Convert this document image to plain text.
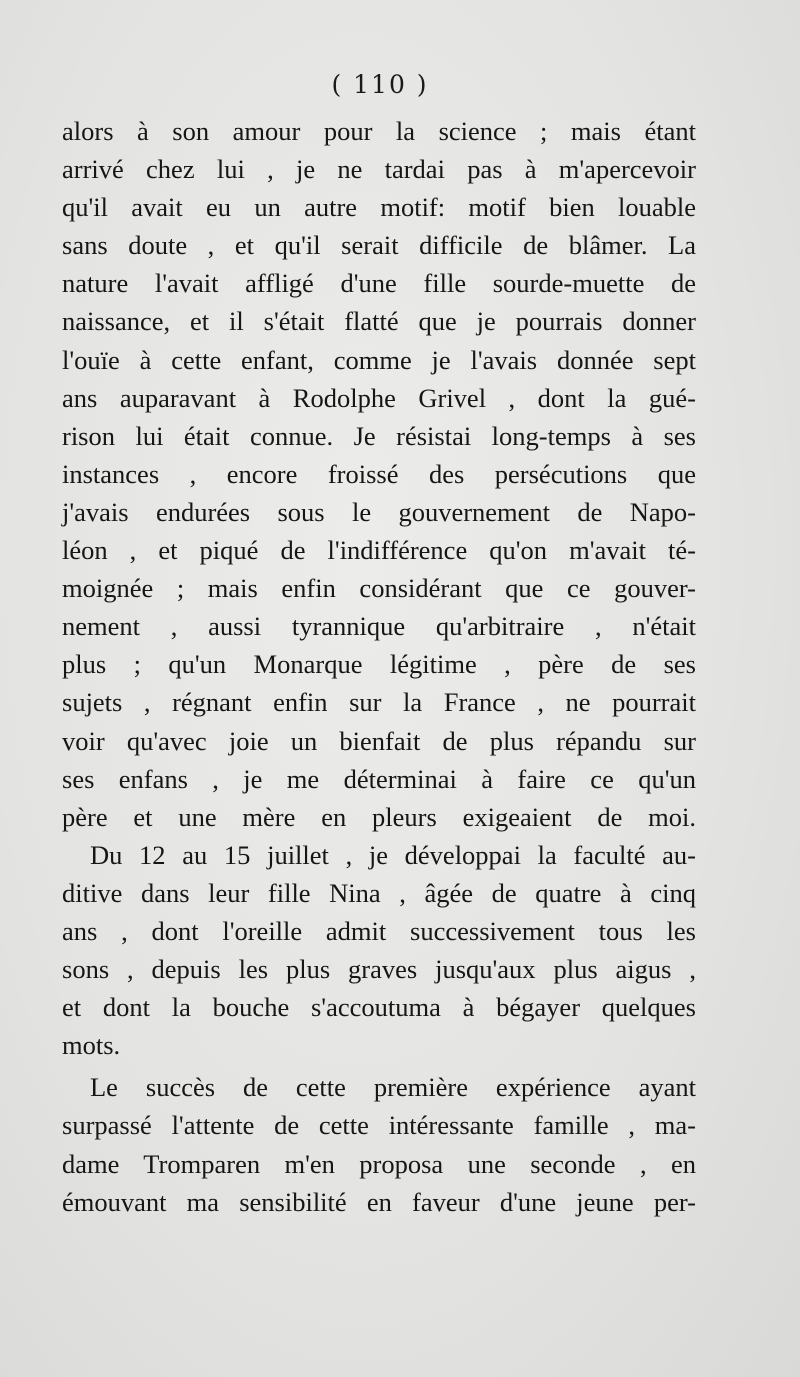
( 110 )
alors à son amour pour la science ; mais étant
arrivé chez lui , je ne tardai pas à m'apercevoir
qu'il avait eu un autre motif: motif bien louable
sans doute , et qu'il serait difficile de blâmer. La
nature l'avait affligé d'une fille sourde-muette de
naissance, et il s'était flatté que je pourrais donner
l'ouïe à cette enfant, comme je l'avais donnée sept
ans auparavant à Rodolphe Grivel , dont la gué-
rison lui était connue. Je résistai long-temps à ses
instances , encore froissé des persécutions que
j'avais endurées sous le gouvernement de Napo-
léon , et piqué de l'indifférence qu'on m'avait té-
moignée ; mais enfin considérant que ce gouver-
nement , aussi tyrannique qu'arbitraire , n'était
plus ; qu'un Monarque légitime , père de ses
sujets , régnant enfin sur la France , ne pourrait
voir qu'avec joie un bienfait de plus répandu sur
ses enfans , je me déterminai à faire ce qu'un
père et une mère en pleurs exigeaient de moi.
Du 12 au 15 juillet , je développai la faculté au-
ditive dans leur fille Nina , âgée de quatre à cinq
ans , dont l'oreille admit successivement tous les
sons , depuis les plus graves jusqu'aux plus aigus ,
et dont la bouche s'accoutuma à bégayer quelques
mots.
Le succès de cette première expérience ayant
surpassé l'attente de cette intéressante famille , ma-
dame Tromparen m'en proposa une seconde , en
émouvant ma sensibilité en faveur d'une jeune per-
